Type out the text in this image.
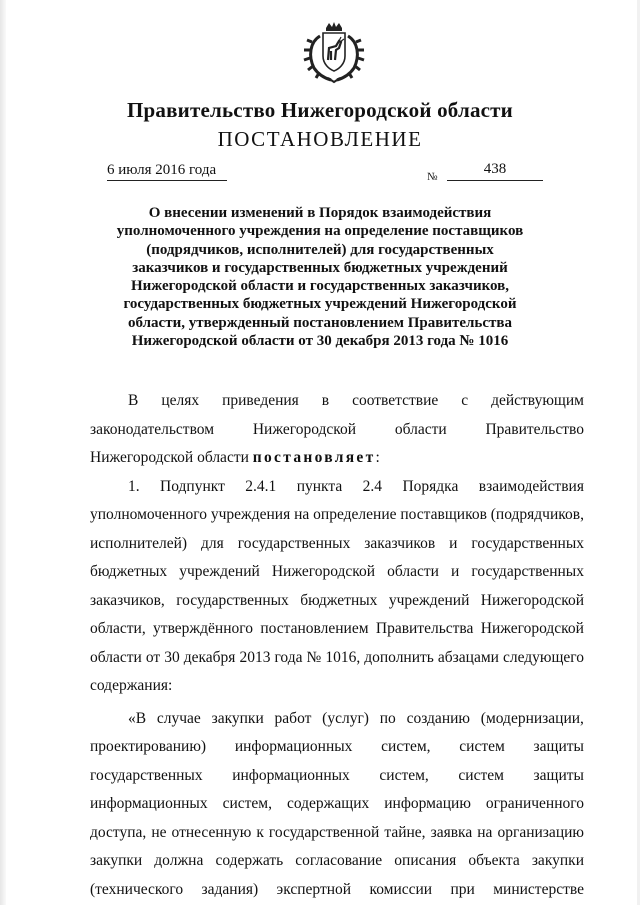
Правительство Нижегородской области
ПОСТАНОВЛЕНИЕ
6 июля 2016 года	№	438
О внесении изменений в Порядок взаимодействия
уполномоченного учреждения на определение поставщиков
(подрядчиков, исполнителей) для государственных
заказчиков и государственных бюджетных учреждений
Нижегородской области и государственных заказчиков,
государственных бюджетных учреждений Нижегородской
области, утвержденный постановлением Правительства
Нижегородской области от 30 декабря 2013 года № 1016
В целях приведения в соответствие с действующим
законодательством	Нижегородской	области	Правительство
Нижегородской области постановляет :
1. Подпункт 2.4.1 пункта 2.4 Порядка взаимодействия
уполномоченного учреждения на определение поставщиков (подрядчиков,
исполнителей) для государственных заказчиков и государственных
бюджетных учреждений Нижегородской области и государственных
заказчиков, государственных бюджетных учреждений Нижегородской
области, утверждённого постановлением Правительства Нижегородской
области от 30 декабря 2013 года № 1016, дополнить абзацами следующего
содержания:
«В случае закупки работ (услуг) по созданию (модернизации,
проектированию) информационных систем, систем защиты
государственных информационных систем, систем защиты
информационных систем, содержащих информацию ограниченного
доступа, не отнесенную к государственной тайне, заявка на организацию
закупки должна содержать согласование описания объекта закупки
(технического задания) экспертной комиссии при министерстве
